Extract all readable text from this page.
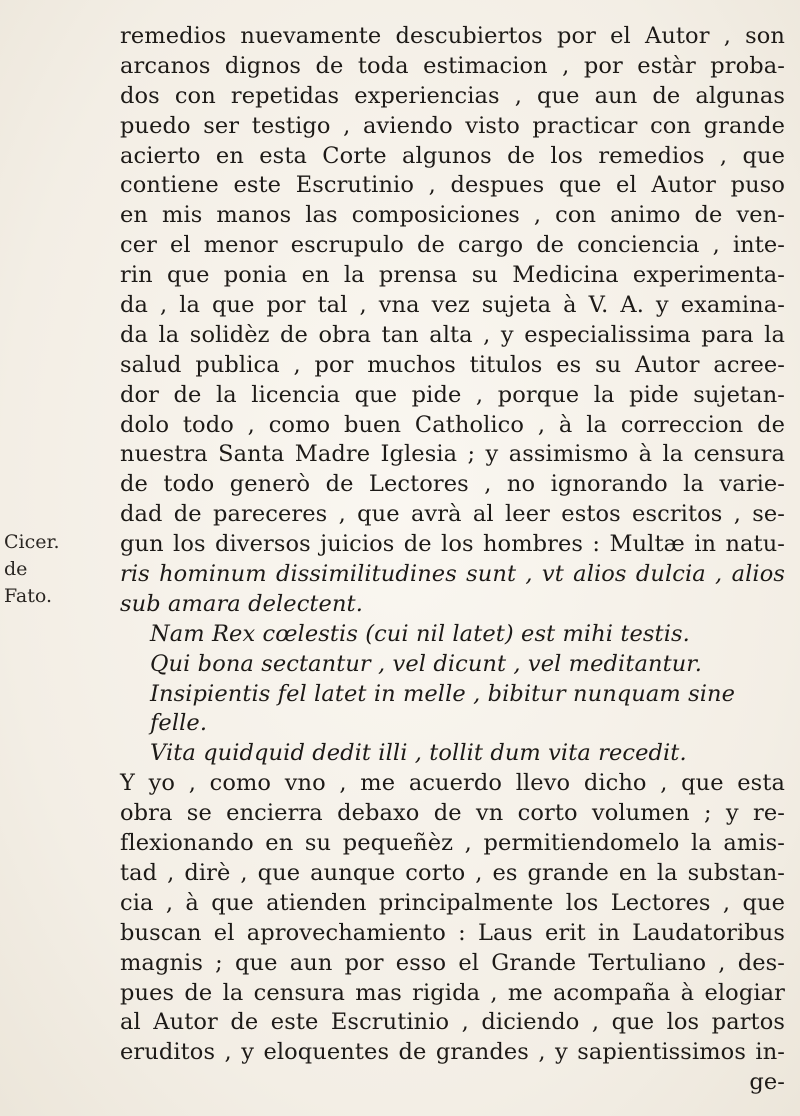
Cicer. de
Fato.
remedios nuevamente descubiertos por el Autor , son
arcanos dignos de toda estimacion , por estàr proba-
dos con repetidas experiencias , que aun de algunas
puedo ser testigo , aviendo visto practicar con grande
acierto en esta Corte algunos de los remedios , que
contiene este Escrutinio , despues que el Autor puso
en mis manos las composiciones , con animo de ven-
cer el menor escrupulo de cargo de conciencia , inte-
rin que ponia en la prensa su Medicina experimenta-
da , la que por tal , vna vez sujeta à V. A. y examina-
da la solidèz de obra tan alta , y especialissima para la
salud publica , por muchos titulos es su Autor acree-
dor de la licencia que pide , porque la pide sujetan-
dolo todo , como buen Catholico , à la correccion de
nuestra Santa Madre Iglesia ; y assimismo à la censura
de todo generò de Lectores , no ignorando la varie-
dad de pareceres , que avrà al leer estos escritos , se-
gun los diversos juicios de los hombres : Multæ in natu-
ris hominum dissimilitudines sunt , vt alios dulcia , alios
sub amara delectent.
Nam Rex cœlestis (cui nil latet) est mihi testis.
Qui bona sectantur , vel dicunt , vel meditantur.
Insipientis fel latet in melle , bibitur nunquam sine
felle.
Vita quidquid dedit illi , tollit dum vita recedit.
Y yo , como vno , me acuerdo llevo dicho , que esta
obra se encierra debaxo de vn corto volumen ; y re-
flexionando en su pequeñèz , permitiendomelo la amis-
tad , dirè , que aunque corto , es grande en la substan-
cia , à que atienden principalmente los Lectores , que
buscan el aprovechamiento : Laus erit in Laudatoribus
magnis ; que aun por esso el Grande Tertuliano , des-
pues de la censura mas rigida , me acompaña à elogiar
al Autor de este Escrutinio , diciendo , que los partos
eruditos , y eloquentes de grandes , y sapientissimos in-
ge-
